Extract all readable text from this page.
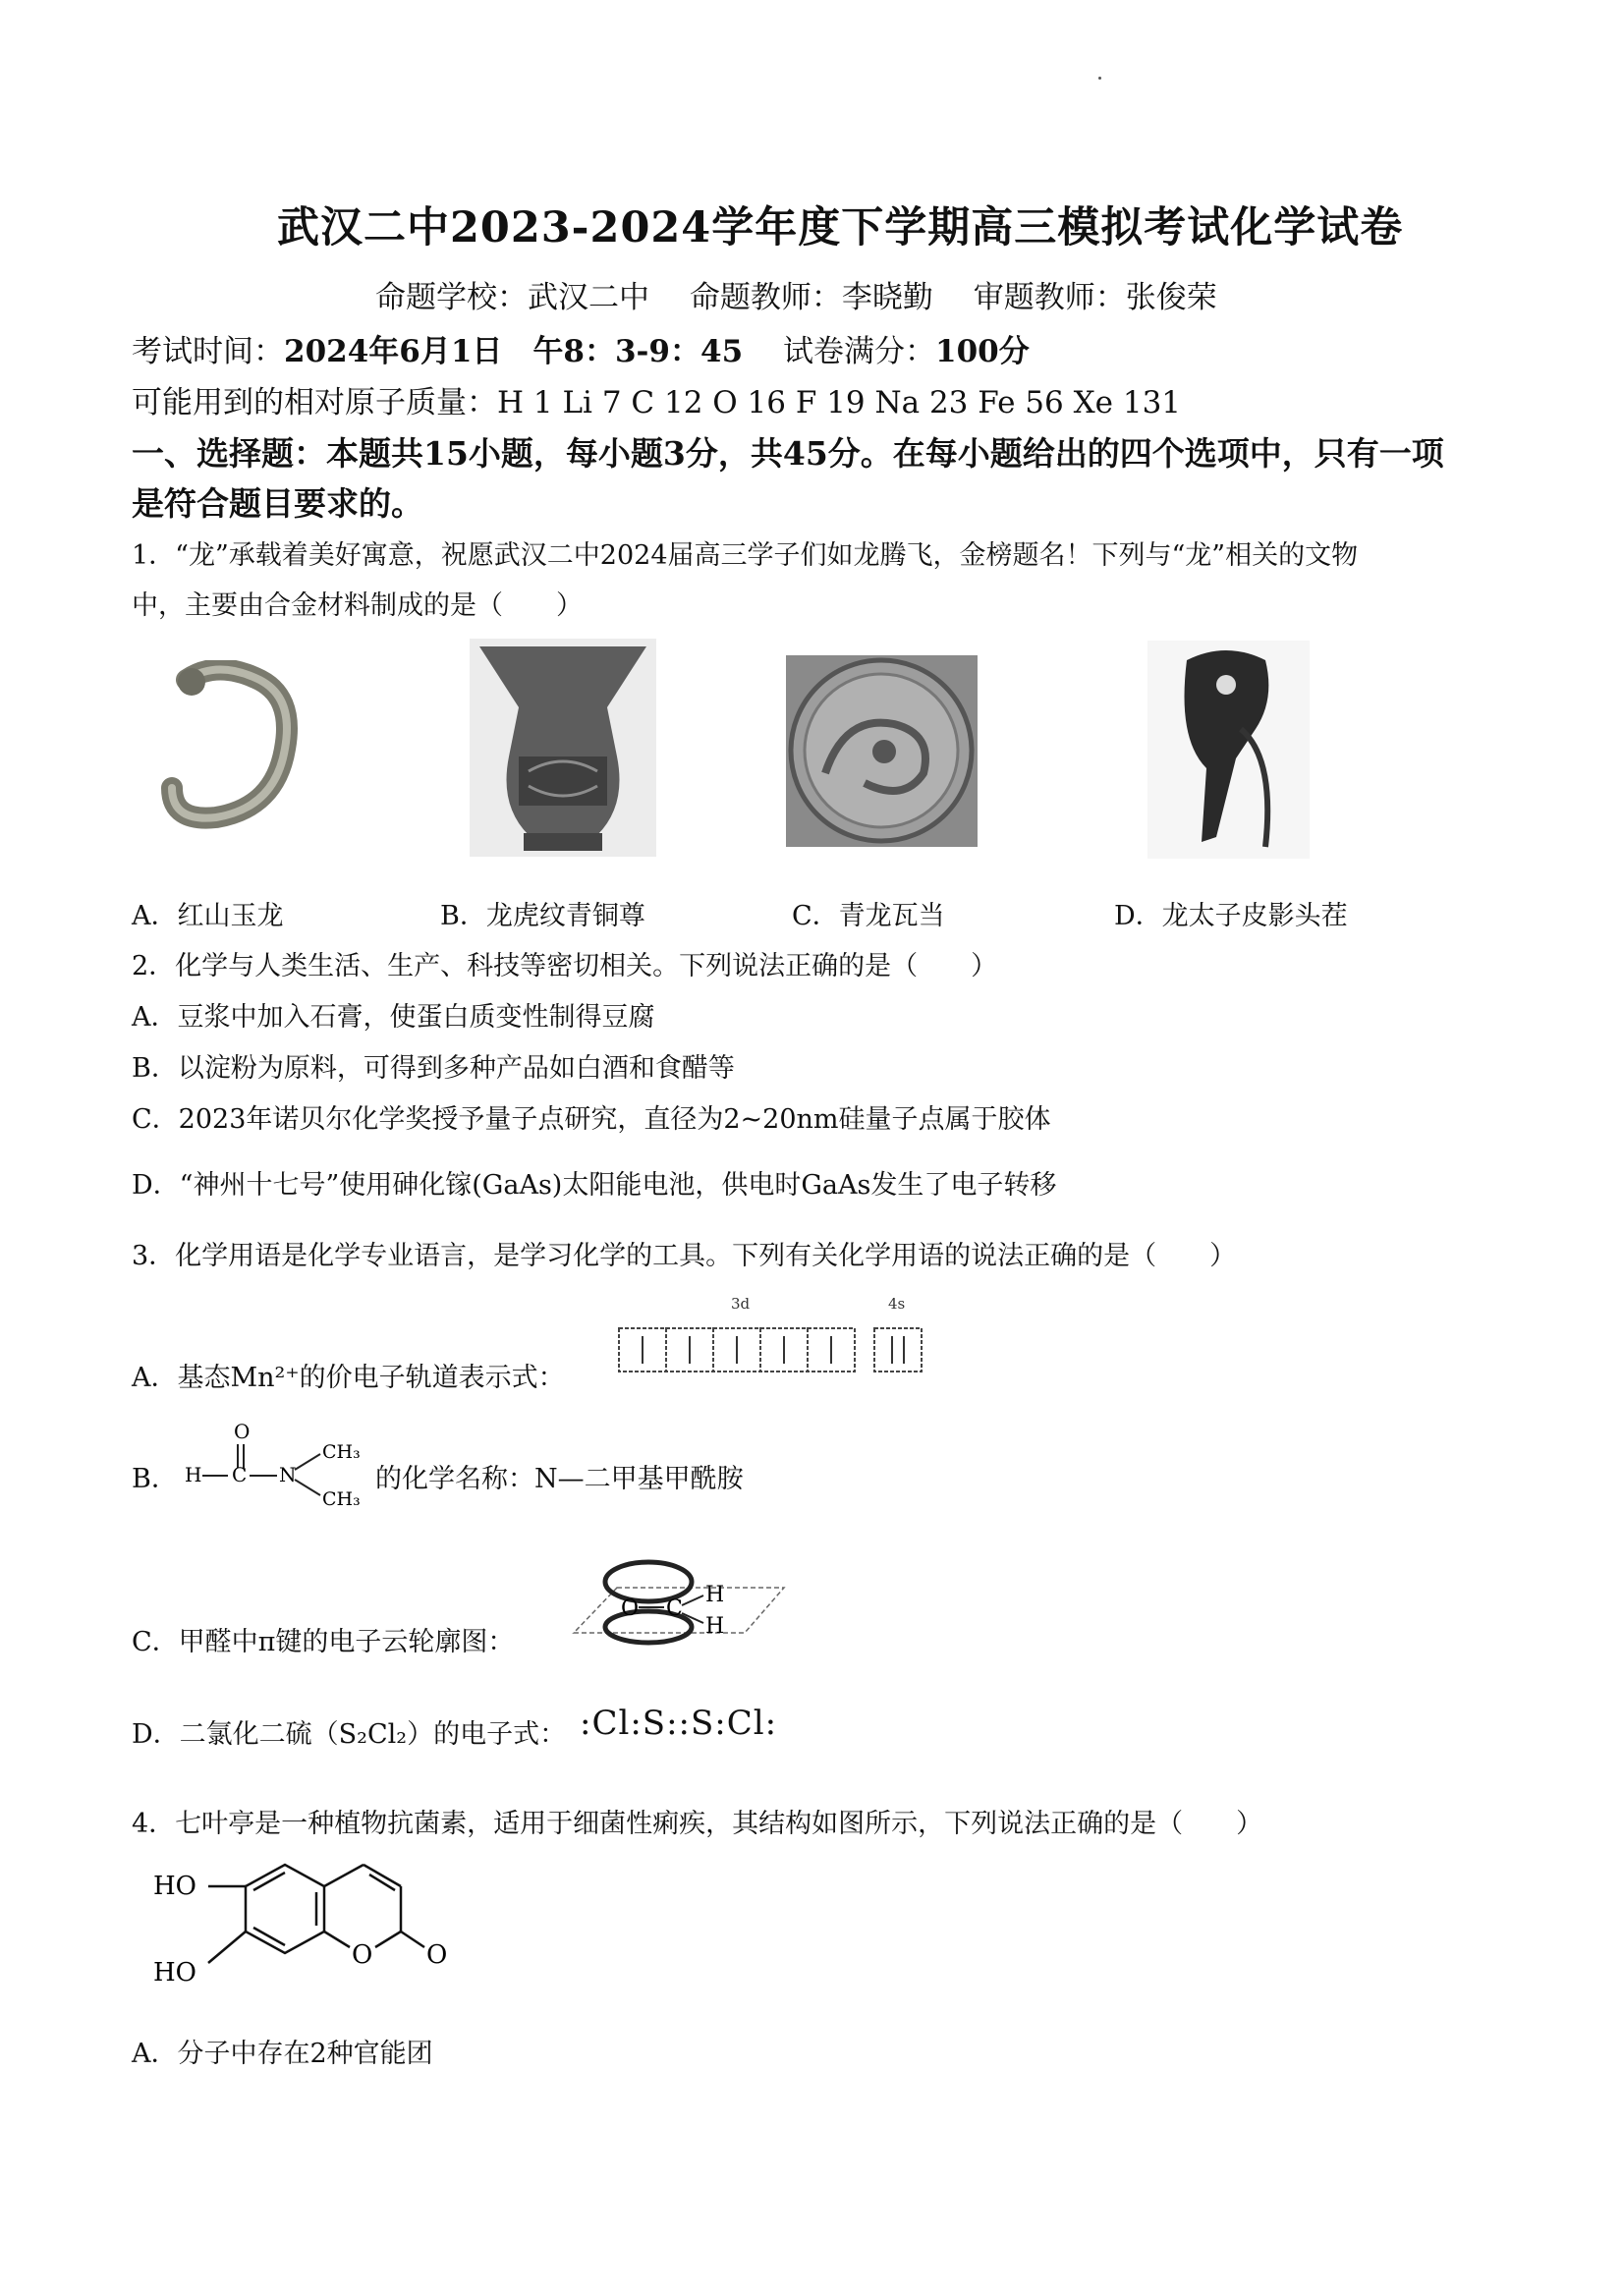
武汉二中2023-2024学年度下学期高三模拟考试化学试卷
命题学校：武汉二中　 命题教师：李晓勤　 审题教师：张俊荣
考试时间：2024年6月1日　午8：3-9：45　 试卷满分：100分
可能用到的相对原子质量：H 1 Li 7 C 12 O 16 F 19 Na 23 Fe 56 Xe 131
一、选择题：本题共15小题，每小题3分，共45分。在每小题给出的四个选项中，只有一项
是符合题目要求的。
1．“龙”承载着美好寓意，祝愿武汉二中2024届高三学子们如龙腾飞，金榜题名！下列与“龙”相关的文物
中，主要由合金材料制成的是（　　）
A．红山玉龙	B．龙虎纹青铜尊	C．青龙瓦当	D．龙太子皮影头茬
2．化学与人类生活、生产、科技等密切相关。下列说法正确的是（　　）
A．豆浆中加入石膏，使蛋白质变性制得豆腐
B．以淀粉为原料，可得到多种产品如白酒和食醋等
C．2023年诺贝尔化学奖授予量子点研究，直径为2~20nm硅量子点属于胶体
D．“神州十七号”使用砷化镓(GaAs)太阳能电池，供电时GaAs发生了电子转移
3．化学用语是化学专业语言，是学习化学的工具。下列有关化学用语的说法正确的是（　　）
A．基态Mn²⁺的价电子轨道表示式：
3d	4s
B．
O
H C N
CH₃
CH₃
的化学名称：N—二甲基甲酰胺
C．甲醛中π键的电子云轮廓图：
O C
H
H
D．二氯化二硫（S₂Cl₂）的电子式： :Cl:S::S:Cl:
4．七叶亭是一种植物抗菌素，适用于细菌性痢疾，其结构如图所示，下列说法正确的是（　　）
HO
HO
O O
A．分子中存在2种官能团
